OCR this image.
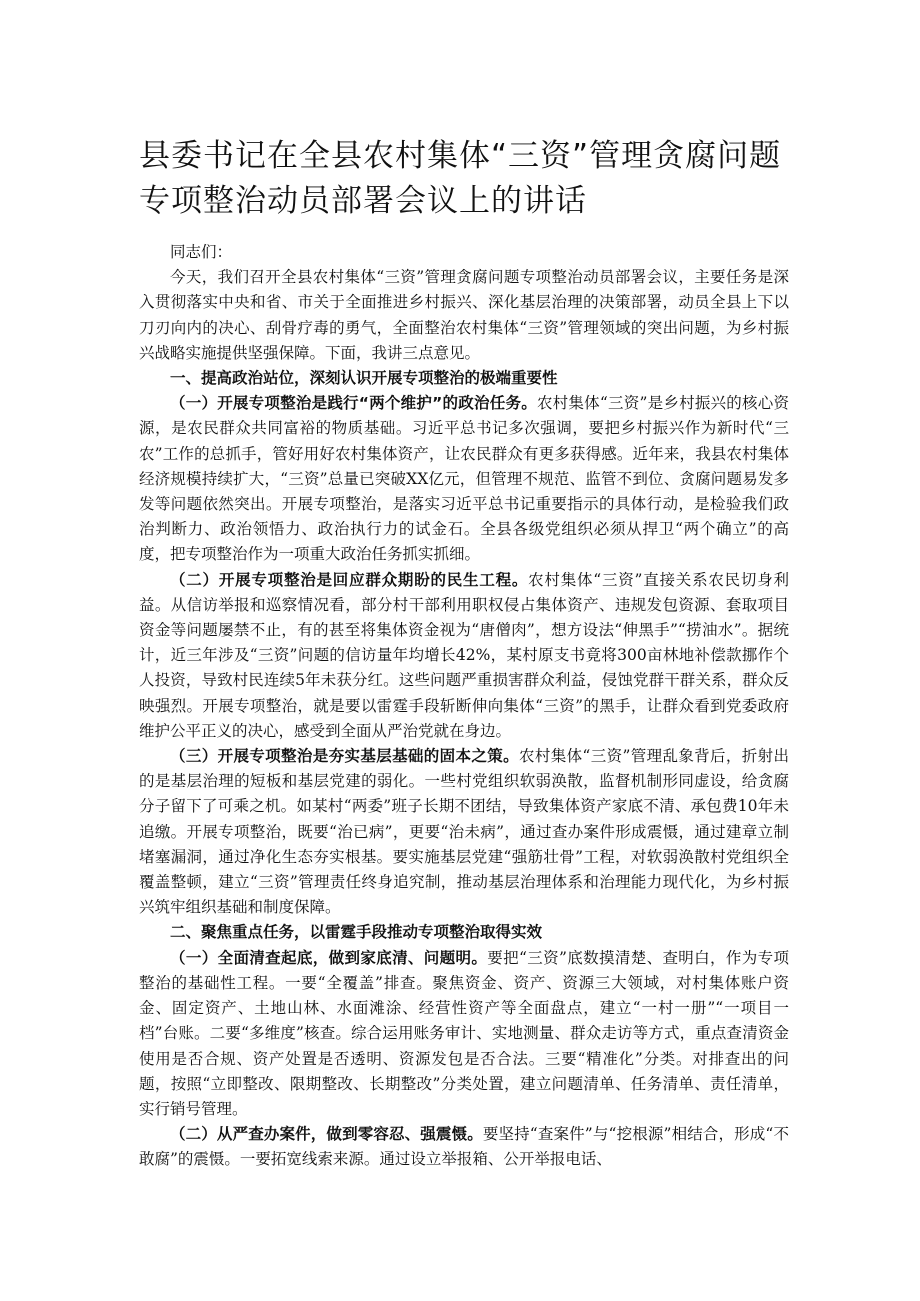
县委书记在全县农村集体“三资”管理贪腐问题专项整治动员部署会议上的讲话

同志们：

今天，我们召开全县农村集体“三资”管理贪腐问题专项整治动员部署会议，主要任务是深入贯彻落实中央和省、市关于全面推进乡村振兴、深化基层治理的决策部署，动员全县上下以刀刃向内的决心、刮骨疗毒的勇气，全面整治农村集体“三资”管理领域的突出问题，为乡村振兴战略实施提供坚强保障。下面，我讲三点意见。

一、提高政治站位，深刻认识开展专项整治的极端重要性

（一）开展专项整治是践行“两个维护”的政治任务。农村集体“三资”是乡村振兴的核心资源，是农民群众共同富裕的物质基础。习近平总书记多次强调，要把乡村振兴作为新时代“三农”工作的总抓手，管好用好农村集体资产，让农民群众有更多获得感。近年来，我县农村集体经济规模持续扩大，“三资”总量已突破XX亿元，但管理不规范、监管不到位、贪腐问题易发多发等问题依然突出。开展专项整治，是落实习近平总书记重要指示的具体行动，是检验我们政治判断力、政治领悟力、政治执行力的试金石。全县各级党组织必须从捍卫“两个确立”的高度，把专项整治作为一项重大政治任务抓实抓细。

（二）开展专项整治是回应群众期盼的民生工程。农村集体“三资”直接关系农民切身利益。从信访举报和巡察情况看，部分村干部利用职权侵占集体资产、违规发包资源、套取项目资金等问题屡禁不止，有的甚至将集体资金视为“唐僧肉”，想方设法“伸黑手”“捞油水”。据统计，近三年涉及“三资”问题的信访量年均增长42%，某村原支书竟将300亩林地补偿款挪作个人投资，导致村民连续5年未获分红。这些问题严重损害群众利益，侵蚀党群干群关系，群众反映强烈。开展专项整治，就是要以雷霆手段斩断伸向集体“三资”的黑手，让群众看到党委政府维护公平正义的决心，感受到全面从严治党就在身边。

（三）开展专项整治是夯实基层基础的固本之策。农村集体“三资”管理乱象背后，折射出的是基层治理的短板和基层党建的弱化。一些村党组织软弱涣散，监督机制形同虚设，给贪腐分子留下了可乘之机。如某村“两委”班子长期不团结，导致集体资产家底不清、承包费10年未追缴。开展专项整治，既要“治已病”，更要“治未病”，通过查办案件形成震慑，通过建章立制堵塞漏洞，通过净化生态夯实根基。要实施基层党建“强筋壮骨”工程，对软弱涣散村党组织全覆盖整顿，建立“三资”管理责任终身追究制，推动基层治理体系和治理能力现代化，为乡村振兴筑牢组织基础和制度保障。

二、聚焦重点任务，以雷霆手段推动专项整治取得实效

（一）全面清查起底，做到家底清、问题明。要把“三资”底数摸清楚、查明白，作为专项整治的基础性工程。一要“全覆盖”排查。聚焦资金、资产、资源三大领域，对村集体账户资金、固定资产、土地山林、水面滩涂、经营性资产等全面盘点，建立“一村一册”“一项目一档”台账。二要“多维度”核查。综合运用账务审计、实地测量、群众走访等方式，重点查清资金使用是否合规、资产处置是否透明、资源发包是否合法。三要“精准化”分类。对排查出的问题，按照“立即整改、限期整改、长期整改”分类处置，建立问题清单、任务清单、责任清单，实行销号管理。

（二）从严查办案件，做到零容忍、强震慑。要坚持“查案件”与“挖根源”相结合，形成“不敢腐”的震慑。一要拓宽线索来源。通过设立举报箱、公开举报电话、
